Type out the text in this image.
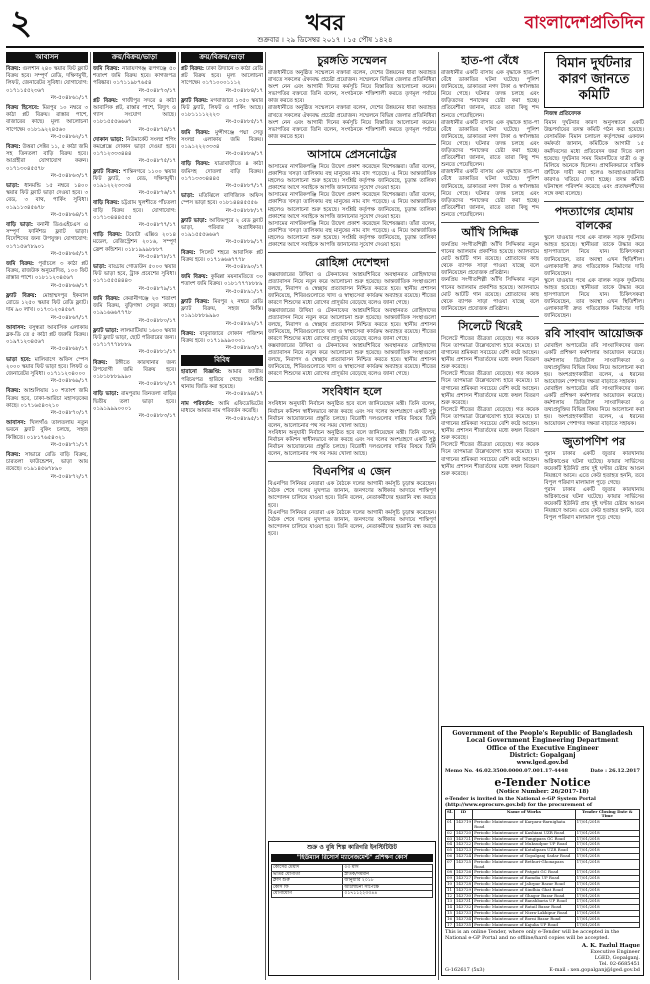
২	খবর	বাংলাদেশপ্রতিদিন
শুক্রবার । ২৯ ডিসেম্বর ২০১৭ । ১৫ পৌষ ১৪২৪
আবাসন
বিক্রয়: গুলশান ২৪০ স্কয়ার ফিট ফ্ল্যাট বিক্রয় হবে। সম্পূর্ণ রেডি, দক্ষিণমুখী, লিফট, জেনারেটর সুবিধা। যোগাযোগ: ০১৭১১৫৫২৩৬৭
নং-৫০৪৮৬১/১৭
বিক্রয় হিসেবে: মিরপুর ১০ নম্বরে ৩ কাঠা প্লট বিক্রয়। রাস্তার পাশে, বাজারের কাছে। মূল্য আলোচনা সাপেক্ষে। ০১৮১৯২২৪৫৬০
নং-৫০৪৮৬২/১৭
বিক্রয়: উত্তরা সেক্টর ১১, ৫ কাঠা জমি সহ তিনতলা বাড়ি বিক্রয় হবে। আগ্রহীরা যোগাযোগ করুন। ০১৭১৩০৪৫৫৭৮
নং-৫০৪৮৬৩/১৭
ভাড়া: ধানমন্ডি ১৫ নম্বরে ১৪০০ স্কয়ার ফিট ফ্ল্যাট ভাড়া দেওয়া হবে। ৩ বেড, ৩ বাথ, পার্কিং সুবিধা। ০১৯১১৩৪৫৬৭৮
নং-৫০৪৮৬৪/১৭
বাড়ি ভাড়া: বনানী ডিওএইচএস এ সম্পূর্ণ ফার্নিশড ফ্ল্যাট ভাড়া। বিদেশিদের জন্য উপযুক্ত। যোগাযোগ: ০১৭১৫৬৭৮৯০১
নং-৫০৪৮৬৫/১৭
জমি বিক্রয়: পূর্বাচলে ৩ কাঠা প্লট বিক্রয়, রাজউক অনুমোদিত, ১০০ ফিট রাস্তার পাশে। ০১৮১১২৩৪৫৬৭
নং-৫০৪৮৬৬/১৭
ফ্ল্যাট বিক্রয়: মোহাম্মদপুর ইকবাল রোডে ১২৫০ স্কয়ার ফিট রেডি ফ্ল্যাট। দাম ৯০ লাখ। ০১৭৩১২৩৪৫৬৭
নং-৫০৪৮৬৭/১৭
আবাসন: বসুন্ধরা আবাসিক এলাকায় ব্লক-ডি তে ৫ কাঠা প্লট জরুরি বিক্রয়। ০১৯৭১২৩৪৫৬৭
নং-৫০৪৮৬৮/১৭
ভাড়া হবে: মালিবাগে অফিস স্পেস ২০০০ স্কয়ার ফিট ভাড়া হবে। লিফট ও জেনারেটর সুবিধা। ০১৭১১২৩৪০০০
নং-৫০৪৮৬৯/১৭
বিক্রয়: আশুলিয়ায় ১০ শতাংশ জমি বিক্রয় হবে, ঢাকা-আরিচা মহাসড়কের কাছে। ০১৭১৬৫৪৩২১০
নং-৫০৪৮৭০/১৭
আবাসন: খিলগাঁও তালতলায় নতুন ভবনে ফ্ল্যাট বুকিং চলছে, সহজ কিস্তিতে। ০১৮১৭৬৫৪৩২১
নং-৫০৪৮৭১/১৭
বিক্রয়: সাভারে রেডি বাড়ি বিক্রয়, চারতলা ফাউন্ডেশন, ভাড়া আয় রয়েছে। ০১৯১৪৫৬৭৮৯০
নং-৫০৪৮৭২/১৭
ক্রয়/বিক্রয়/ভাড়া
জমি বিক্রয়: নারায়ণগঞ্জ রূপগঞ্জে ৫০ শতাংশ জমি বিক্রয় হবে। কাগজপত্র পরিষ্কার। ০১৭১১৯৮৭৬৫৪
নং-৫০৪৮৭৩/১৭
প্লট বিক্রয়: গাজীপুর সদরে ৪ কাঠা আবাসিক প্লট, রাস্তার পাশে, বিদ্যুৎ ও গ্যাস সংযোগ আছে। ০১৮১৫৫৫৬৬৬৭
নং-৫০৪৮৭৪/১৭
দোকান ভাড়া: নিউমার্কেট সংলগ্ন শপিং কমপ্লেক্সে দোকান ভাড়া দেওয়া হবে। ০১৭১২৩৩৩৪৪৪
নং-৫০৪৮৭৫/১৭
ফ্ল্যাট বিক্রয়: শান্তিনগরে ১১০০ স্কয়ার ফিট ফ্ল্যাট, ৩ বেড, দক্ষিণমুখী। ০১৯১২২২৩৩৩৪
নং-৫০৪৮৭৬/১৭
বাড়ি বিক্রয়: চট্টগ্রাম খুলশীতে পাঁচতলা বাড়ি বিক্রয় হবে। যোগাযোগ: ০১৭১৩৪৪৪৫৫৫
নং-৫০৪৮৭৭/১৭
গাড়ি বিক্রয়: টয়োটা এক্সিও ২০১৪ মডেল, রেজিস্ট্রেশন ২০১৬, সম্পূর্ণ ফ্রেশ কন্ডিশন। ০১৮১৯৯৯৮৮৮৭
নং-৫০৪৮৭৮/১৭
ভাড়া: বাড্ডায় গোডাউন ৫০০০ স্কয়ার ফিট ভাড়া হবে, ট্রাক প্রবেশের সুবিধা। ০১৭১৫৫৫৪৪৪৩
নং-৫০৪৮৭৯/১৭
জমি বিক্রয়: কেরানীগঞ্জে ২০ শতাংশ জমি বিক্রয়, বুড়িগঙ্গা সেতুর কাছে। ০১৯১৬৬৬৭৭৭৮
নং-৫০৪৮৮০/১৭
ফ্ল্যাট ভাড়া: লালমাটিয়ায় ১৬০০ স্কয়ার ফিট ফ্ল্যাট ভাড়া, ছোট পরিবারের জন্য। ০১৭১৭৭৭৮৮৮৯
নং-৫০৪৮৮১/১৭
বিক্রয়: টঙ্গীতে কারখানার জন্য উপযোগী জমি বিক্রয় হবে। ০১৮১৮৮৮৯৯৯০
নং-৫০৪৮৮২/১৭
বাড়ি ভাড়া: রামপুরায় তিনতলা বাড়ির দ্বিতীয় তলা ভাড়া হবে। ০১৯১৯৯৯০০০১
নং-৫০৪৮৮৩/১৭
ক্রয়/বিক্রয়/ভাড়া
প্লট বিক্রয়: ঢাকা উদ্যানে ৩ কাঠা রেডি প্লট বিক্রয় হবে। মূল্য আলোচনা সাপেক্ষে। ০১৭১০০০১১১২
নং-৫০৪৮৮৪/১৭
ফ্ল্যাট বিক্রয়: মগবাজারে ১৩৫০ স্কয়ার ফিট ফ্ল্যাট, লিফট ও পার্কিং আছে। ০১৮১১১১২২২৩
নং-৫০৪৮৮৫/১৭
জমি বিক্রয়: মুন্সীগঞ্জে পদ্মা সেতু সংলগ্ন এলাকায় জমি বিক্রয়। ০১৯১২২২৩৩৩৪
নং-৫০৪৮৮৬/১৭
বাড়ি বিক্রয়: যাত্রাবাড়ীতে ৪ কাঠা জমিসহ দোতলা বাড়ি বিক্রয়। ০১৭১৩৩৩৪৪৪৫
নং-৫০৪৮৮৭/১৭
ভাড়া: মতিঝিলে বাণিজ্যিক অফিস স্পেস ভাড়া হবে। ০১৮১৪৪৪৫৫৫৬
নং-৫০৪৮৮৮/১৭
ফ্ল্যাট ভাড়া: আজিমপুরে ২ বেড ফ্ল্যাট ভাড়া, পরিবার অগ্রাধিকার। ০১৯১৫৫৫৬৬৬৭
নং-৫০৪৮৮৯/১৭
বিক্রয়: সিলেট শহরে আবাসিক প্লট বিক্রয় হবে। ০১৭১৬৬৬৭৭৭৮
নং-৫০৪৮৯০/১৭
জমি বিক্রয়: কুমিল্লা ময়নামতিতে ৩০ শতাংশ জমি বিক্রয়। ০১৮১৭৭৭৮৮৮৯
নং-৫০৪৮৯১/১৭
ফ্ল্যাট বিক্রয়: মিরপুর ২ নম্বরে রেডি ফ্ল্যাট বিক্রয়, সহজ কিস্তি। ০১৯১৮৮৮৯৯৯০
নং-৫০৪৮৯২/১৭
বিক্রয়: বাবুবাজারে দোকান পজিশন বিক্রয় হবে। ০১৭১৯৯৯০০০১
নং-৫০৪৮৯৩/১৭
বিবিধ
হারানো বিজ্ঞপ্তি: আমার জাতীয় পরিচয়পত্র হারিয়ে গেছে। সংশ্লিষ্ট থানায় জিডি করা হয়েছে।
নং-৫০৪৮৯৪/১৭
নাম পরিবর্তন: আমি এফিডেভিটের মাধ্যমে আমার নাম পরিবর্তন করেছি।
নং-৫০৪৮৯৫/১৭
চুরঙ্গতি সম্মেলন
রাজধানীতে অনুষ্ঠিত সম্মেলনে বক্তারা বলেন, দেশের উন্নয়নের ধারা অব্যাহত রাখতে সকলের ঐক্যবদ্ধ প্রচেষ্টা প্রয়োজন। সম্মেলনে বিভিন্ন জেলার প্রতিনিধিরা অংশ নেন এবং আগামী দিনের কর্মসূচি নিয়ে বিস্তারিত আলোচনা করেন। সভাপতির বক্তব্যে তিনি বলেন, সংগঠনকে শক্তিশালী করতে তৃণমূল পর্যায়ে কাজ করতে হবে।
রাজধানীতে অনুষ্ঠিত সম্মেলনে বক্তারা বলেন, দেশের উন্নয়নের ধারা অব্যাহত রাখতে সকলের ঐক্যবদ্ধ প্রচেষ্টা প্রয়োজন। সম্মেলনে বিভিন্ন জেলার প্রতিনিধিরা অংশ নেন এবং আগামী দিনের কর্মসূচি নিয়ে বিস্তারিত আলোচনা করেন। সভাপতির বক্তব্যে তিনি বলেন, সংগঠনকে শক্তিশালী করতে তৃণমূল পর্যায়ে কাজ করতে হবে।
আসামে প্রেসনোট্টের
আসামের নাগরিকপঞ্জি নিয়ে উদ্বেগ প্রকাশ করেছেন বিশেষজ্ঞরা। তাঁরা বলেন, প্রকাশিত খসড়া তালিকায় বহু মানুষের নাম বাদ পড়েছে। এ নিয়ে আন্তর্জাতিক মহলেও আলোচনা শুরু হয়েছে। সংশ্লিষ্ট কর্তৃপক্ষ জানিয়েছে, চূড়ান্ত তালিকা প্রকাশের আগে সবাইকে আপত্তি জানানোর সুযোগ দেওয়া হবে।
আসামের নাগরিকপঞ্জি নিয়ে উদ্বেগ প্রকাশ করেছেন বিশেষজ্ঞরা। তাঁরা বলেন, প্রকাশিত খসড়া তালিকায় বহু মানুষের নাম বাদ পড়েছে। এ নিয়ে আন্তর্জাতিক মহলেও আলোচনা শুরু হয়েছে। সংশ্লিষ্ট কর্তৃপক্ষ জানিয়েছে, চূড়ান্ত তালিকা প্রকাশের আগে সবাইকে আপত্তি জানানোর সুযোগ দেওয়া হবে।
আসামের নাগরিকপঞ্জি নিয়ে উদ্বেগ প্রকাশ করেছেন বিশেষজ্ঞরা। তাঁরা বলেন, প্রকাশিত খসড়া তালিকায় বহু মানুষের নাম বাদ পড়েছে। এ নিয়ে আন্তর্জাতিক মহলেও আলোচনা শুরু হয়েছে। সংশ্লিষ্ট কর্তৃপক্ষ জানিয়েছে, চূড়ান্ত তালিকা প্রকাশের আগে সবাইকে আপত্তি জানানোর সুযোগ দেওয়া হবে।
রোহিঙ্গা দেশেহুদা
কক্সবাজারের উখিয়া ও টেকনাফের আশ্রয়শিবিরে অবস্থানরত রোহিঙ্গাদের প্রত্যাবাসন নিয়ে নতুন করে আলোচনা শুরু হয়েছে। আন্তর্জাতিক সংস্থাগুলো বলছে, নিরাপদ ও স্বেচ্ছায় প্রত্যাবাসন নিশ্চিত করতে হবে। স্থানীয় প্রশাসন জানিয়েছে, শিবিরগুলোতে খাদ্য ও স্বাস্থ্যসেবা কার্যক্রম অব্যাহত রয়েছে। শীতের কারণে শিশুদের মধ্যে রোগের প্রাদুর্ভাব বেড়েছে বলেও জানা গেছে।
কক্সবাজারের উখিয়া ও টেকনাফের আশ্রয়শিবিরে অবস্থানরত রোহিঙ্গাদের প্রত্যাবাসন নিয়ে নতুন করে আলোচনা শুরু হয়েছে। আন্তর্জাতিক সংস্থাগুলো বলছে, নিরাপদ ও স্বেচ্ছায় প্রত্যাবাসন নিশ্চিত করতে হবে। স্থানীয় প্রশাসন জানিয়েছে, শিবিরগুলোতে খাদ্য ও স্বাস্থ্যসেবা কার্যক্রম অব্যাহত রয়েছে। শীতের কারণে শিশুদের মধ্যে রোগের প্রাদুর্ভাব বেড়েছে বলেও জানা গেছে।
কক্সবাজারের উখিয়া ও টেকনাফের আশ্রয়শিবিরে অবস্থানরত রোহিঙ্গাদের প্রত্যাবাসন নিয়ে নতুন করে আলোচনা শুরু হয়েছে। আন্তর্জাতিক সংস্থাগুলো বলছে, নিরাপদ ও স্বেচ্ছায় প্রত্যাবাসন নিশ্চিত করতে হবে। স্থানীয় প্রশাসন জানিয়েছে, শিবিরগুলোতে খাদ্য ও স্বাস্থ্যসেবা কার্যক্রম অব্যাহত রয়েছে। শীতের কারণে শিশুদের মধ্যে রোগের প্রাদুর্ভাব বেড়েছে বলেও জানা গেছে।
সংবিধান হলে
সংবিধান অনুযায়ী নির্বাচন অনুষ্ঠিত হবে বলে জানিয়েছেন মন্ত্রী। তিনি বলেন, নির্বাচন কমিশন স্বাধীনভাবে কাজ করছে এবং সব দলের অংশগ্রহণে একটি সুষ্ঠু নির্বাচন আয়োজনের প্রস্তুতি চলছে। বিরোধী দলগুলোর দাবির বিষয়ে তিনি বলেন, আলোচনার পথ সব সময় খোলা আছে।
সংবিধান অনুযায়ী নির্বাচন অনুষ্ঠিত হবে বলে জানিয়েছেন মন্ত্রী। তিনি বলেন, নির্বাচন কমিশন স্বাধীনভাবে কাজ করছে এবং সব দলের অংশগ্রহণে একটি সুষ্ঠু নির্বাচন আয়োজনের প্রস্তুতি চলছে। বিরোধী দলগুলোর দাবির বিষয়ে তিনি বলেন, আলোচনার পথ সব সময় খোলা আছে।
বিএনপির এ জেন
বিএনপির সিনিয়র নেতারা এক বৈঠকে দলের আগামী কর্মসূচি চূড়ান্ত করেছেন। বৈঠক শেষে দলের মুখপাত্র জানান, জনগণের অধিকার আদায়ে শান্তিপূর্ণ আন্দোলন চালিয়ে যাওয়া হবে। তিনি বলেন, নেতাকর্মীদের হয়রানি বন্ধ করতে হবে।
বিএনপির সিনিয়র নেতারা এক বৈঠকে দলের আগামী কর্মসূচি চূড়ান্ত করেছেন। বৈঠক শেষে দলের মুখপাত্র জানান, জনগণের অধিকার আদায়ে শান্তিপূর্ণ আন্দোলন চালিয়ে যাওয়া হবে। তিনি বলেন, নেতাকর্মীদের হয়রানি বন্ধ করতে হবে।
হাত-পা বেঁধে
রাজধানীর একটি বাসায় এক বৃদ্ধাকে হাত-পা বেঁধে ডাকাতির ঘটনা ঘটেছে। পুলিশ জানিয়েছে, ডাকাতরা নগদ টাকা ও স্বর্ণালঙ্কার নিয়ে গেছে। ঘটনার তদন্ত চলছে এবং জড়িতদের শনাক্তের চেষ্টা করা হচ্ছে। প্রতিবেশীরা জানান, রাতে তারা কিছু শব্দ শুনতে পেয়েছিলেন।
রাজধানীর একটি বাসায় এক বৃদ্ধাকে হাত-পা বেঁধে ডাকাতির ঘটনা ঘটেছে। পুলিশ জানিয়েছে, ডাকাতরা নগদ টাকা ও স্বর্ণালঙ্কার নিয়ে গেছে। ঘটনার তদন্ত চলছে এবং জড়িতদের শনাক্তের চেষ্টা করা হচ্ছে। প্রতিবেশীরা জানান, রাতে তারা কিছু শব্দ শুনতে পেয়েছিলেন।
রাজধানীর একটি বাসায় এক বৃদ্ধাকে হাত-পা বেঁধে ডাকাতির ঘটনা ঘটেছে। পুলিশ জানিয়েছে, ডাকাতরা নগদ টাকা ও স্বর্ণালঙ্কার নিয়ে গেছে। ঘটনার তদন্ত চলছে এবং জড়িতদের শনাক্তের চেষ্টা করা হচ্ছে। প্রতিবেশীরা জানান, রাতে তারা কিছু শব্দ শুনতে পেয়েছিলেন।
আঁখি সিদ্দিক্ক
জনপ্রিয় সংগীতশিল্পী আঁখি সিদ্দিকার নতুন গানের অ্যালবাম প্রকাশিত হয়েছে। অ্যালবামে মোট আটটি গান রয়েছে। শ্রোতাদের কাছ থেকে ব্যাপক সাড়া পাওয়া যাচ্ছে বলে জানিয়েছেন প্রযোজক প্রতিষ্ঠান।
জনপ্রিয় সংগীতশিল্পী আঁখি সিদ্দিকার নতুন গানের অ্যালবাম প্রকাশিত হয়েছে। অ্যালবামে মোট আটটি গান রয়েছে। শ্রোতাদের কাছ থেকে ব্যাপক সাড়া পাওয়া যাচ্ছে বলে জানিয়েছেন প্রযোজক প্রতিষ্ঠান।
সিলেটে থিরেই
সিলেটে শীতের তীব্রতা বেড়েছে। গত কয়েক দিনে তাপমাত্রা উল্লেখযোগ্য হারে কমেছে। চা বাগানের শ্রমিকরা সবচেয়ে বেশি কষ্টে আছেন। স্থানীয় প্রশাসন শীতার্তদের মধ্যে কম্বল বিতরণ শুরু করেছে।
সিলেটে শীতের তীব্রতা বেড়েছে। গত কয়েক দিনে তাপমাত্রা উল্লেখযোগ্য হারে কমেছে। চা বাগানের শ্রমিকরা সবচেয়ে বেশি কষ্টে আছেন। স্থানীয় প্রশাসন শীতার্তদের মধ্যে কম্বল বিতরণ শুরু করেছে।
সিলেটে শীতের তীব্রতা বেড়েছে। গত কয়েক দিনে তাপমাত্রা উল্লেখযোগ্য হারে কমেছে। চা বাগানের শ্রমিকরা সবচেয়ে বেশি কষ্টে আছেন। স্থানীয় প্রশাসন শীতার্তদের মধ্যে কম্বল বিতরণ শুরু করেছে।
সিলেটে শীতের তীব্রতা বেড়েছে। গত কয়েক দিনে তাপমাত্রা উল্লেখযোগ্য হারে কমেছে। চা বাগানের শ্রমিকরা সবচেয়ে বেশি কষ্টে আছেন। স্থানীয় প্রশাসন শীতার্তদের মধ্যে কম্বল বিতরণ শুরু করেছে।
বিমান দুর্ঘটনার কারণ জানতে কমিটি
নিজস্ব প্রতিবেদক
বিমান দুর্ঘটনার কারণ অনুসন্ধানে একটি উচ্চপর্যায়ের তদন্ত কমিটি গঠন করা হয়েছে। বেসামরিক বিমান চলাচল কর্তৃপক্ষের একজন কর্মকর্তা জানান, কমিটিকে আগামী ১৫ কর্মদিবসের মধ্যে প্রতিবেদন জমা দিতে বলা হয়েছে। দুর্ঘটনার সময় বিমানটিতে যাত্রী ও ক্রু মিলিয়ে অনেকে ছিলেন। প্রাথমিকভাবে যান্ত্রিক ত্রুটিকে দায়ী করা হলেও আবহাওয়াজনিত কারণও খতিয়ে দেখা হচ্ছে। তদন্ত কমিটি ঘটনাস্থল পরিদর্শন করেছে এবং প্রত্যক্ষদর্শীদের সঙ্গে কথা বলেছে।
পদত্যাগের হোমায় বালকের
স্কুলে যাওয়ার পথে এক বালক সড়ক দুর্ঘটনায় আহত হয়েছে। স্থানীয়রা তাকে উদ্ধার করে হাসপাতালে নিয়ে যান। চিকিৎসকরা জানিয়েছেন, তার অবস্থা এখন স্থিতিশীল। এলাকাবাসী দ্রুত গতিরোধক নির্মাণের দাবি জানিয়েছেন।
স্কুলে যাওয়ার পথে এক বালক সড়ক দুর্ঘটনায় আহত হয়েছে। স্থানীয়রা তাকে উদ্ধার করে হাসপাতালে নিয়ে যান। চিকিৎসকরা জানিয়েছেন, তার অবস্থা এখন স্থিতিশীল। এলাকাবাসী দ্রুত গতিরোধক নির্মাণের দাবি জানিয়েছেন।
রবি সাংবাদ আয়োজক
মোবাইল অপারেটর রবি সাংবাদিকদের জন্য একটি প্রশিক্ষণ কর্মশালার আয়োজন করেছে। কর্মশালায় ডিজিটাল সাংবাদিকতা ও তথ্যপ্রযুক্তির বিভিন্ন বিষয় নিয়ে আলোচনা করা হয়। অংশগ্রহণকারীরা বলেন, এ ধরনের আয়োজন পেশাগত দক্ষতা বাড়াতে সহায়ক।
মোবাইল অপারেটর রবি সাংবাদিকদের জন্য একটি প্রশিক্ষণ কর্মশালার আয়োজন করেছে। কর্মশালায় ডিজিটাল সাংবাদিকতা ও তথ্যপ্রযুক্তির বিভিন্ন বিষয় নিয়ে আলোচনা করা হয়। অংশগ্রহণকারীরা বলেন, এ ধরনের আয়োজন পেশাগত দক্ষতা বাড়াতে সহায়ক।
জুতাপণিশ পর
পুরান ঢাকার একটি জুতার কারখানায় অগ্নিকাণ্ডের ঘটনা ঘটেছে। ফায়ার সার্ভিসের কয়েকটি ইউনিট প্রায় দুই ঘণ্টার চেষ্টায় আগুন নিয়ন্ত্রণে আনে। এতে কেউ হতাহত হননি, তবে বিপুল পরিমাণ মালামাল পুড়ে গেছে।
পুরান ঢাকার একটি জুতার কারখানায় অগ্নিকাণ্ডের ঘটনা ঘটেছে। ফায়ার সার্ভিসের কয়েকটি ইউনিট প্রায় দুই ঘণ্টার চেষ্টায় আগুন নিয়ন্ত্রণে আনে। এতে কেউ হতাহত হননি, তবে বিপুল পরিমাণ মালামাল পুড়ে গেছে।
শুক্র ও বুধি শিল্প কারিগরি ইনস্টিটিউট
"হিউম্যান রিসোর্স ম্যানেজমেন্ট" প্রশিক্ষণ কোর্স
কোর্সের মেয়াদ	০৩ মাস
ভর্তির যোগ্যতা	স্নাতক/সমমান
ক্লাস শুরু	জানুয়ারি ২০১৮
কোর্স ফি	আলোচনা সাপেক্ষে
যোগাযোগ	০১৭১১২২৩৩৪৪
Government of the People's Republic of Bangladesh
Local Government Engineering Department
Office of the Executive Engineer
District: Gopalganj
www.lged.gov.bd
Memo No. 46.02.3500.0000.07.001.17-4448	Date : 26.12.2017
e-Tender Notice
(Notice Number: 26/2017-18)
e-Tender is invited in the National e-GP System Portal (http://www.eprocure.gov.bd) for the procurement of
Sl.	ID	Name of Works	Tender Closing Date & Time
01	143719	Periodic Maintenance of Karpara-Barnighata Road	17/01/2018
02	143720	Periodic Maintenance of Kashiani UZR Road	17/01/2018
03	143721	Periodic Maintenance of Tungipara GC Road	17/01/2018
04	143722	Periodic Maintenance of Muksudpur UP Road	17/01/2018
05	143723	Periodic Maintenance of Kotalipara UZR Road	17/01/2018
06	143724	Periodic Maintenance of Gopalganj Sadar Road	17/01/2018
07	143725	Periodic Maintenance of Bethuri-Ghonapara Road	17/01/2018
08	143726	Periodic Maintenance of Patgati GC Road	17/01/2018
09	143727	Periodic Maintenance of Ramdia UP Road	17/01/2018
10	143728	Periodic Maintenance of Jalirpar Bazar Road	17/01/2018
11	143729	Periodic Maintenance of Sindhia Ghat Road	17/01/2018
12	143730	Periodic Maintenance of Ghagor Bazar Road	17/01/2018
13	143731	Periodic Maintenance of Banshbaria UP Road	17/01/2018
14	143732	Periodic Maintenance of Ratail Bazar Road	17/01/2018
15	143733	Periodic Maintenance of Nizra-Lakhipur Road	17/01/2018
16	143734	Periodic Maintenance of Borni Bazar Road	17/01/2018
17	143735	Periodic Maintenance of Kajulia UP Road	17/01/2018
This is an online Tender, where only e-Tender will be accepted in the National e-GP Portal and no offline/hard copies will be accepted.
A. K. Fazlul Haque
Executive Engineer
LGED, Gopalganj.
Tel. 02-6685451
E-mail : xen.gopalganj@lged.gov.bd
G-162617 (5x3)
